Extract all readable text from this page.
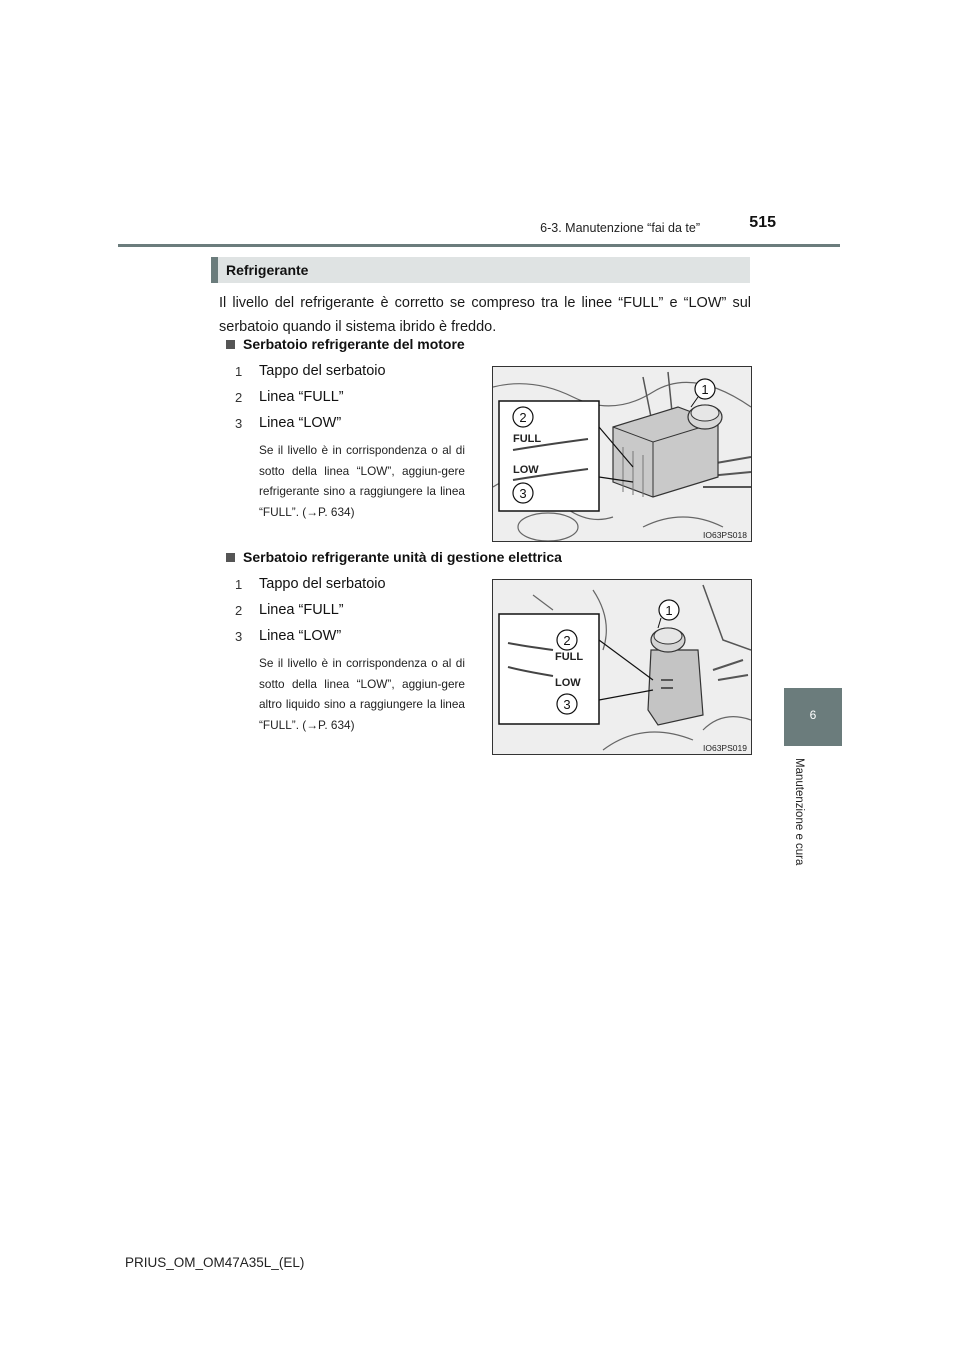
6-3. Manutenzione “fai da te”	515
6
Manutenzione e cura
Refrigerante
Il livello del refrigerante è corretto se compreso tra le linee “FULL” e “LOW” sul serbatoio quando il sistema ibrido è freddo.
Serbatoio refrigerante del motore
1 Tappo del serbatoio
2 Linea “FULL”
3 Linea “LOW”
Se il livello è in corrispondenza o al di sotto della linea “LOW”, aggiun-gere refrigerante sino a raggiungere la linea “FULL”. (→P. 634)
FULL
LOW
2
3
1
IO63PS018
Serbatoio refrigerante unità di gestione elettrica
1 Tappo del serbatoio
2 Linea “FULL”
3 Linea “LOW”
Se il livello è in corrispondenza o al di sotto della linea “LOW”, aggiun-gere altro liquido sino a raggiungere la linea “FULL”. (→P. 634)
FULL
LOW
2
3
1
IO63PS019
PRIUS_OM_OM47A35L_(EL)
